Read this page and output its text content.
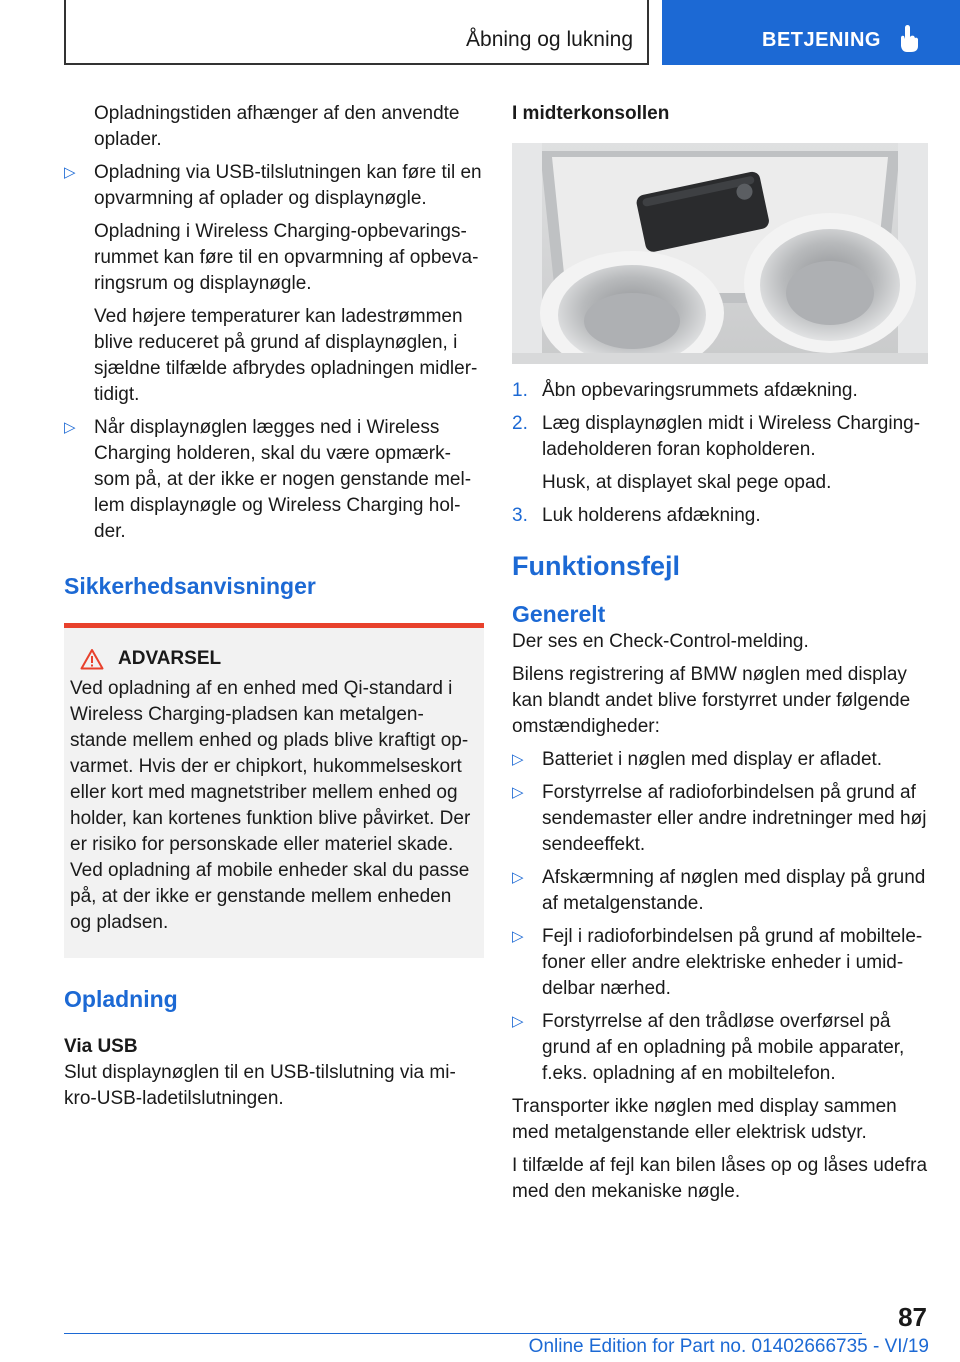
Åbning og lukning	BETJENING

Opladningstiden afhænger af den anvendte oplader.

▷ Opladning via USB-tilslutningen kan føre til en opvarmning af oplader og displaynøgle.

Opladning i Wireless Charging-opbevarings-rummet kan føre til en opvarmning af opbeva-ringsrum og displaynøgle.

Ved højere temperaturer kan ladestrømmen blive reduceret på grund af displaynøglen, i sjældne tilfælde afbrydes opladningen midler-tidigt.

▷ Når displaynøglen lægges ned i Wireless Charging holderen, skal du være opmærk-som på, at der ikke er nogen genstande mel-lem displaynøgle og Wireless Charging hol-der.

Sikkerhedsanvisninger
ADVARSEL

Ved opladning af en enhed med Qi-standard i Wireless Charging-pladsen kan metalgen-stande mellem enhed og plads blive kraftigt op-varmet. Hvis der er chipkort, hukommelseskort eller kort med magnetstriber mellem enhed og holder, kan kortenes funktion blive påvirket. Der er risiko for personskade eller materiel skade. Ved opladning af mobile enheder skal du passe på, at der ikke er genstande mellem enheden og pladsen.

Opladning
Via USB

Slut displaynøglen til en USB-tilslutning via mi-kro-USB-ladetilslutningen.

I midterkonsollen
1. Åbn opbevaringsrummets afdækning.

2. Læg displaynøglen midt i Wireless Charging-ladeholderen foran kopholderen.

Husk, at displayet skal pege opad.

3. Luk holderens afdækning.

Funktionsfejl
Generelt

Der ses en Check-Control-melding.

Bilens registrering af BMW nøglen med display kan blandt andet blive forstyrret under følgende omstændigheder:

▷ Batteriet i nøglen med display er afladet.

▷ Forstyrrelse af radioforbindelsen på grund af sendemaster eller andre indretninger med høj sendeeffekt.

▷ Afskærmning af nøglen med display på grund af metalgenstande.

▷ Fejl i radioforbindelsen på grund af mobiltele-foner eller andre elektriske enheder i umid-delbar nærhed.

▷ Forstyrrelse af den trådløse overførsel på grund af en opladning på mobile apparater, f.eks. opladning af en mobiltelefon.

Transporter ikke nøglen med display sammen med metalgenstande eller elektrisk udstyr.

I tilfælde af fejl kan bilen låses op og låses udefra med den mekaniske nøgle.

87
Online Edition for Part no. 01402666735 - VI/19
